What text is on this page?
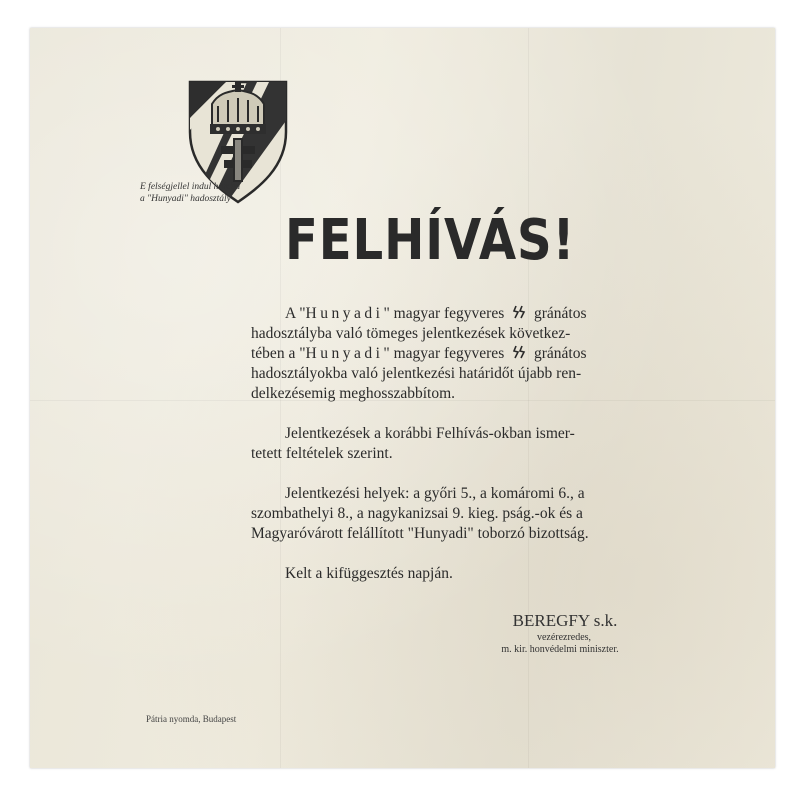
E felségjellel indul harcba
a "Hunyadi" hadosztály
FELHÍVÁS!
A "Hunyadi" magyar fegyveres gránátos
hadosztályba való tömeges jelentkezések következ-
tében a "Hunyadi" magyar fegyveres gránátos
hadosztályokba való jelentkezési határidőt újabb ren-
delkezésemig meghosszabbítom.
Jelentkezések a korábbi Felhívás-okban ismer-
tetett feltételek szerint.
Jelentkezési helyek: a győri 5., a komáromi 6., a
szombathelyi 8., a nagykanizsai 9. kieg. pság.-ok és a
Magyaróvárott felállított "Hunyadi" toborzó bizottság.
Kelt a kifüggesztés napján.
BEREGFY s.k.
vezérezredes,
m. kir. honvédelmi miniszter.
Pátria nyomda, Budapest
